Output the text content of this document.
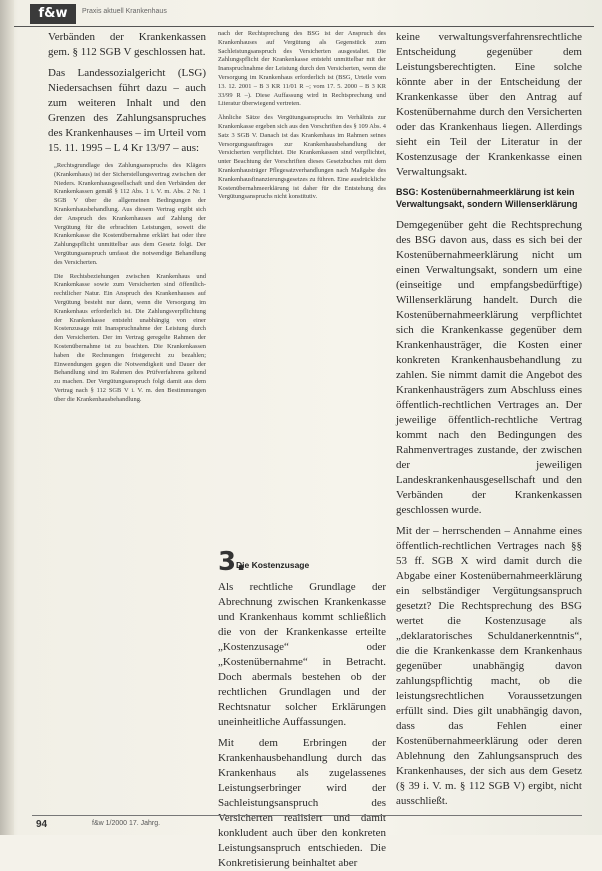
f&w	Praxis aktuell Krankenhaus

Verbänden der Krankenkassen gem. § 112 SGB V geschlossen hat.

Das Landessozialgericht (LSG) Niedersachsen führt dazu – auch zum weiteren Inhalt und den Grenzen des Zahlungsanspruches des Krankenhauses – im Urteil vom 15. 11. 1995 – L 4 Kr 13/97 – aus:

„Rechtsgrundlage des Zahlungsanspruchs des Klägers (Krankenhaus) ist der Sicherstellungsvertrag zwischen der Nieders. Krankenhausgesellschaft und den Verbänden der Krankenkassen gemäß § 112 Abs. 1 i. V. m. Abs. 2 Nr. 1 SGB V über die allgemeinen Bedingungen der Krankenhausbehandlung. Aus diesem Vertrag ergibt sich der Anspruch des Krankenhauses auf Zahlung der Vergütung für die erbrachten Leistungen, soweit die Krankenkasse die Kostenübernahme erklärt hat oder ihre Zahlungspflicht unmittelbar aus dem Gesetz folgt. Der Vergütungsanspruch umfasst die notwendige Behandlung des Versicherten.

Die Rechtsbeziehungen zwischen Krankenhaus und Krankenkasse sowie zum Versicherten sind öffentlich-rechtlicher Natur. Ein Anspruch des Krankenhauses auf Vergütung besteht nur dann, wenn die Versorgung im Krankenhaus erforderlich ist. Die Zahlungsverpflichtung der Krankenkasse entsteht unabhängig von einer Kostenzusage mit Inanspruchnahme der Leistung durch den Versicherten. Der im Vertrag geregelte Rahmen der Kostenübernahme ist zu beachten. Die Krankenkassen haben die Rechnungen fristgerecht zu bezahlen; Einwendungen gegen die Notwendigkeit und Dauer der Behandlung sind im Rahmen des Prüfverfahrens geltend zu machen. Der Vergütungsanspruch folgt damit aus dem Vertrag nach § 112 SGB V i. V. m. den Bestimmungen über die Krankenhausbehandlung.

nach der Rechtsprechung des BSG ist der Anspruch des Krankenhauses auf Vergütung als Gegenstück zum Sachleistungsanspruch des Versicherten ausgestaltet. Die Zahlungspflicht der Krankenkasse entsteht unmittelbar mit der Inanspruchnahme der Leistung durch den Versicherten, wenn die Versorgung im Krankenhaus erforderlich ist (BSG, Urteile vom 13. 12. 2001 – B 3 KR 11/01 R –; vom 17. 5. 2000 – B 3 KR 33/99 R –). Diese Auffassung wird in Rechtsprechung und Literatur überwiegend vertreten.

Ähnliche Sätze des Vergütungsanspruchs im Verhältnis zur Krankenkasse ergeben sich aus den Vorschriften des § 109 Abs. 4 Satz 3 SGB V. Danach ist das Krankenhaus im Rahmen seines Versorgungsauftrages zur Krankenhausbehandlung der Versicherten verpflichtet. Die Krankenkassen sind verpflichtet, unter Beachtung der Vorschriften dieses Gesetzbuches mit dem Krankenhausträger Pflegesatzverhandlungen nach Maßgabe des Krankenhausfinanzierungsgesetzes zu führen. Eine ausdrückliche Kostenübernahmeerklärung ist daher für die Entstehung des Vergütungsanspruchs nicht konstitutiv.

3.
Die Kostenzusage

Als rechtliche Grundlage der Abrechnung zwischen Krankenkasse und Krankenhaus kommt schließlich die von der Krankenkasse erteilte „Kostenzusage“ oder „Kostenübernahme“ in Betracht. Doch abermals bestehen ob der rechtlichen Grundlagen und der Rechtsnatur solcher Erklärungen uneinheitliche Auffassungen.

Mit dem Erbringen der Krankenhausbehandlung durch das Krankenhaus als zugelassenes Leistungserbringer wird der Sachleistungsanspruch des Versicherten realisiert und damit konkludent auch über den konkreten Leistungsanspruch entschieden. Die Konkretisierung beinhaltet aber

keine verwaltungsverfahrensrechtliche Entscheidung gegenüber dem Leistungsberechtigten. Eine solche könnte aber in der Entscheidung der Krankenkasse über den Antrag auf Kostenübernahme durch den Versicherten oder das Krankenhaus liegen. Allerdings sieht ein Teil der Literatur in der Kostenzusage der Krankenkasse einen Verwaltungsakt.

BSG: Kostenübernahmeerklärung ist kein Verwaltungsakt, sondern Willenserklärung

Demgegenüber geht die Rechtsprechung des BSG davon aus, dass es sich bei der Kostenübernahmeerklärung nicht um einen Verwaltungsakt, sondern um eine (einseitige und empfangsbedürftige) Willenserklärung handelt. Durch die Kostenübernahmeerklärung verpflichtet sich die Krankenkasse gegenüber dem Krankenhausträger, die Kosten einer konkreten Krankenhausbehandlung zu zahlen. Sie nimmt damit die Angebot des Krankenhausträgers zum Abschluss eines öffentlich-rechtlichen Vertrages an. Der jeweilige öffentlich-rechtliche Vertrag kommt nach den Bedingungen des Rahmenvertrages zustande, der zwischen der jeweiligen Landeskrankenhausgesellschaft und den Verbänden der Krankenkassen geschlossen wurde.

Mit der – herrschenden – Annahme eines öffentlich-rechtlichen Vertrages nach §§ 53 ff. SGB X wird damit durch die Abgabe einer Kostenübernahmeerklärung ein selbständiger Vergütungsanspruch gesetzt? Die Rechtsprechung des BSG wertet die Kostenzusage als „deklaratorisches Schuldanerkenntnis“, die die Krankenkasse dem Krankenhaus gegenüber unabhängig davon zahlungspflichtig macht, ob die leistungsrechtlichen Voraussetzungen erfüllt sind. Dies gilt unabhängig davon, dass das Fehlen einer Kostenübernahmeerklärung oder deren Ablehnung den Zahlungsanspruch des Krankenhauses, der sich aus dem Gesetz (§ 39 i. V. m. § 112 SGB V) ergibt, nicht ausschließt.

94	f&w 1/2000 17. Jahrg.
